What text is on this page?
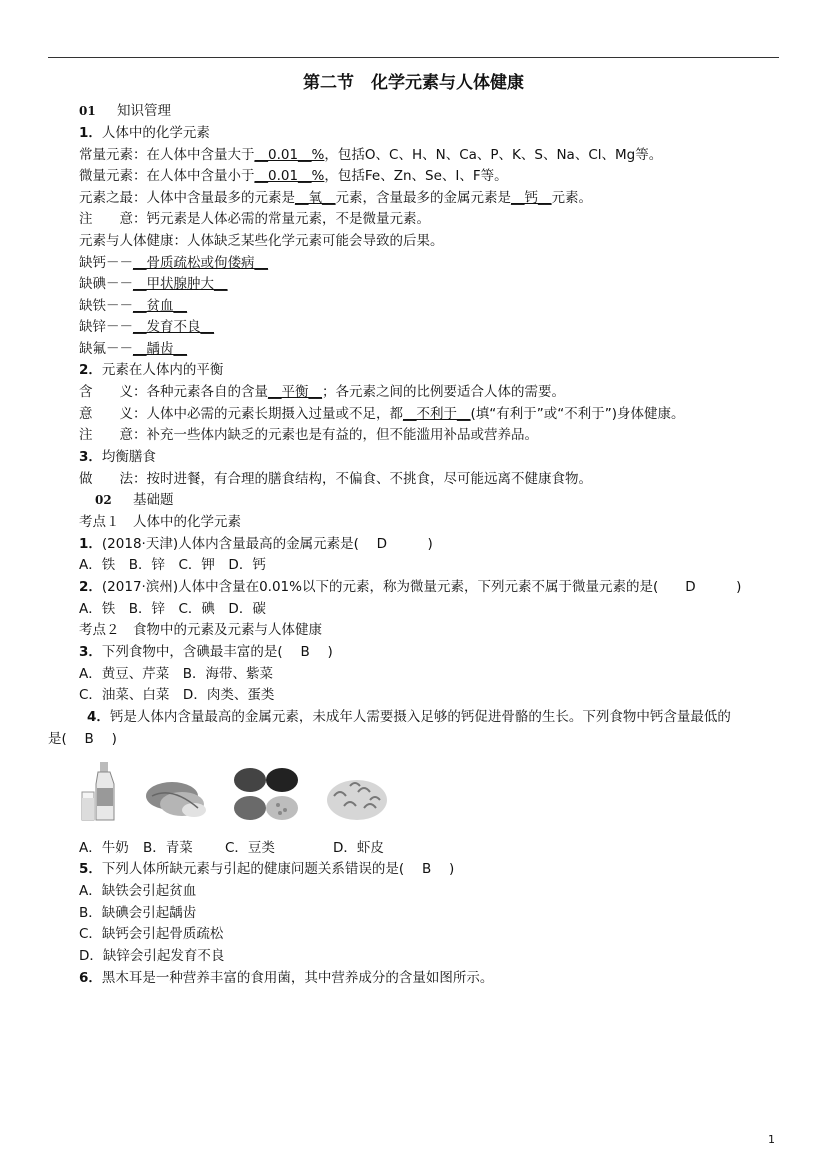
第二节　化学元素与人体健康
01 知识管理
1．人体中的化学元素
常量元素：在人体中含量大于__0.01__%，包括O、C、H、N、Ca、P、K、S、Na、Cl、Mg等。
微量元素：在人体中含量小于__0.01__%，包括Fe、Zn、Se、I、F等。
元素之最：人体中含量最多的元素是__氧__元素，含量最多的金属元素是__钙__元素。
注　　意：钙元素是人体必需的常量元素，不是微量元素。
元素与人体健康：人体缺乏某些化学元素可能会导致的后果。
缺钙－－__骨质疏松或佝偻病__
缺碘－－__甲状腺肿大__
缺铁－－__贫血__
缺锌－－__发育不良__
缺氟－－__龋齿__
2．元素在人体内的平衡
含　　义：各种元素各自的含量__平衡__；各元素之间的比例要适合人体的需要。
意　　义：人体中必需的元素长期摄入过量或不足，都__不利于__(填“有利于”或“不利于”)身体健康。
注　　意：补充一些体内缺乏的元素也是有益的，但不能滥用补品或营养品。
3．均衡膳食
做　　法：按时进餐，有合理的膳食结构，不偏食、不挑食，尽可能远离不健康食物。
02 基础题
考点１　人体中的化学元素
1．(2018·天津)人体内含量最高的金属元素是(　 D　　　)
A．铁　B．锌　C．钾　D．钙
2．(2017·滨州)人体中含量在0.01%以下的元素，称为微量元素，下列元素不属于微量元素的是(　　D　　　)
A．铁　B．锌　C．碘　D．碳
考点２　食物中的元素及元素与人体健康
3．下列食物中，含碘最丰富的是(　 B　 )
A．黄豆、芹菜　B．海带、紫菜
C．油菜、白菜　D．肉类、蛋类
4．钙是人体内含量最高的金属元素，未成年人需要摄入足够的钙促进骨骼的生长。下列食物中钙含量最低的
是(　 B　 )
A．牛奶 B．青菜 C．豆类	D．虾皮
5．下列人体所缺元素与引起的健康问题关系错误的是(　 B　 )
A．缺铁会引起贫血
B．缺碘会引起龋齿
C．缺钙会引起骨质疏松
D．缺锌会引起发育不良
6．黑木耳是一种营养丰富的食用菌，其中营养成分的含量如图所示。
1
